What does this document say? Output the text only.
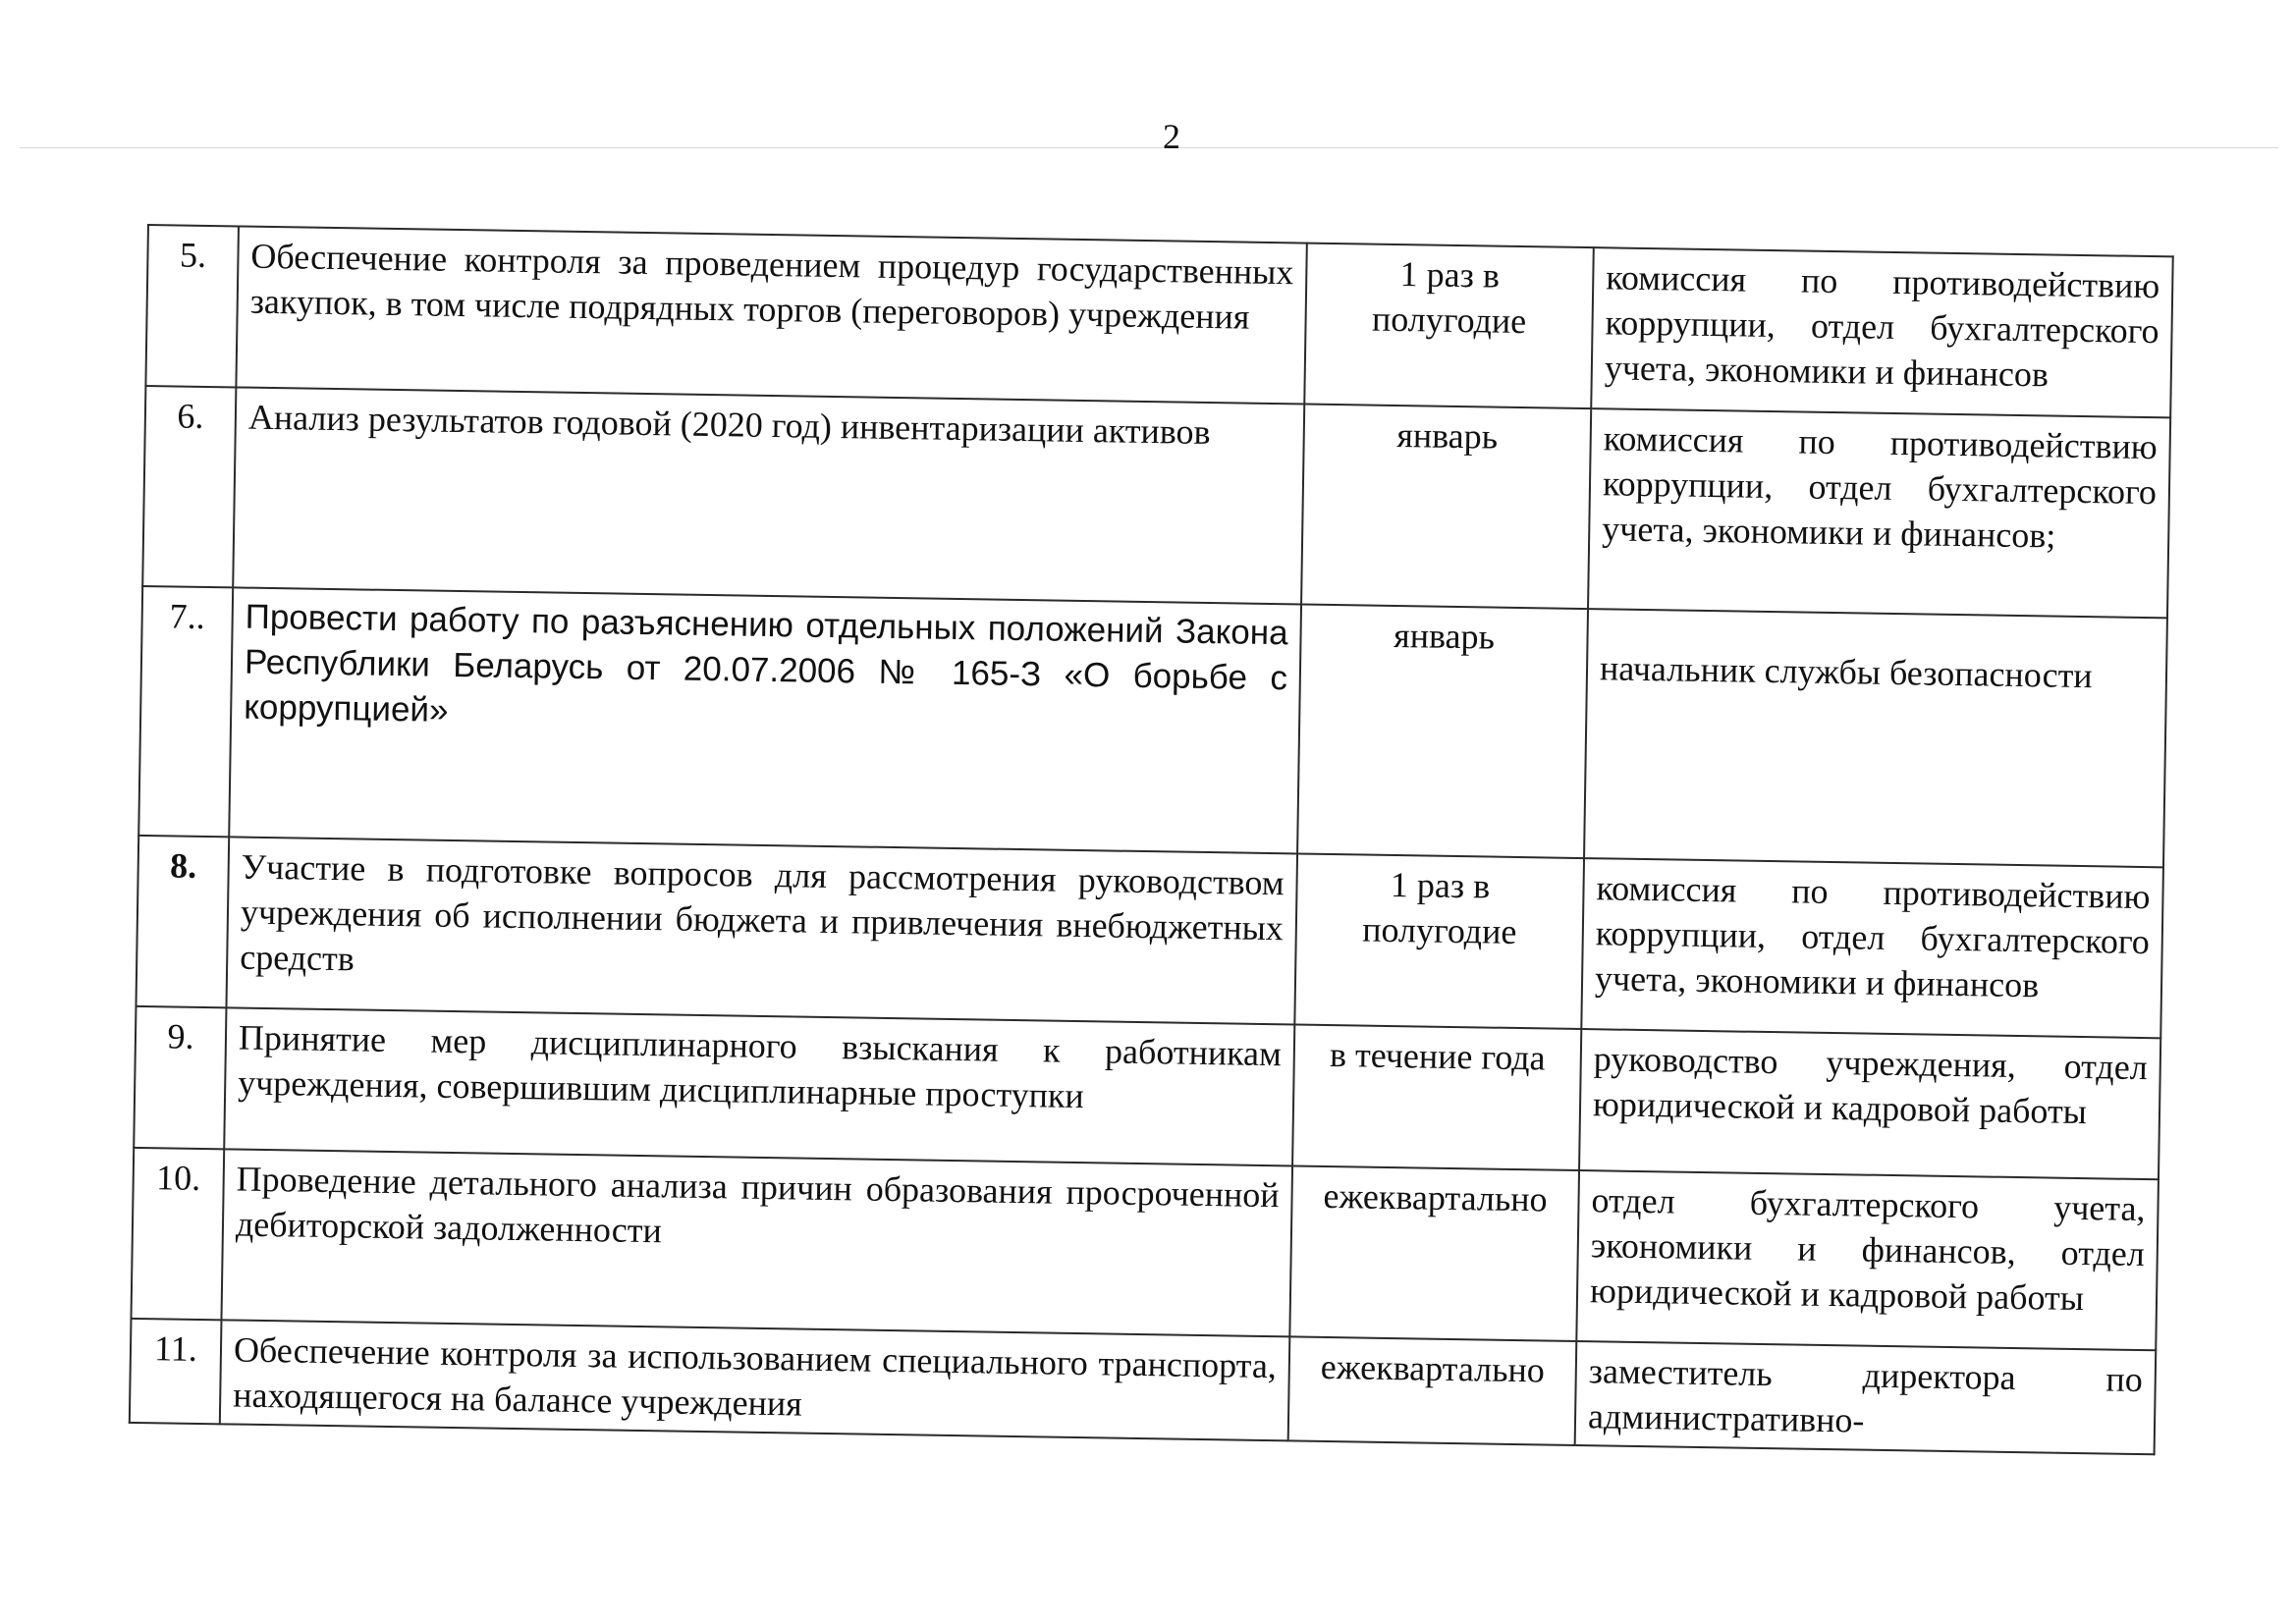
2
5.	Обеспечение контроля за проведением процедур государственных закупок, в том числе подрядных торгов (переговоров) учреждения	1 раз в полугодие	комиссия по противодействию коррупции, отдел бухгалтерского учета, экономики и финансов
6.	Анализ результатов годовой (2020 год) инвентаризации активов	январь	комиссия по противодействию коррупции, отдел бухгалтерского учета, экономики и финансов;
7..	Провести работу по разъяснению отдельных положений Закона Республики Беларусь от 20.07.2006 № 165-З «О борьбе с коррупцией»	январь	начальник службы безопасности

8.	Участие в подготовке вопросов для рассмотрения руководством учреждения об исполнении бюджета и привлечения внебюджетных средств	1 раз в полугодие	комиссия по противодействию коррупции, отдел бухгалтерского учета, экономики и финансов
9.	Принятие мер дисциплинарного взыскания к работникам учреждения, совершившим дисциплинарные проступки	в течение года	руководство учреждения, отдел юридической и кадровой работы
10.	Проведение детального анализа причин образования просроченной дебиторской задолженности	ежеквартально	отдел бухгалтерского учета, экономики и финансов, отдел юридической и кадровой работы
11.	Обеспечение контроля за использованием специального транспорта, находящегося на балансе учреждения	ежеквартально	заместитель директора по административно-
